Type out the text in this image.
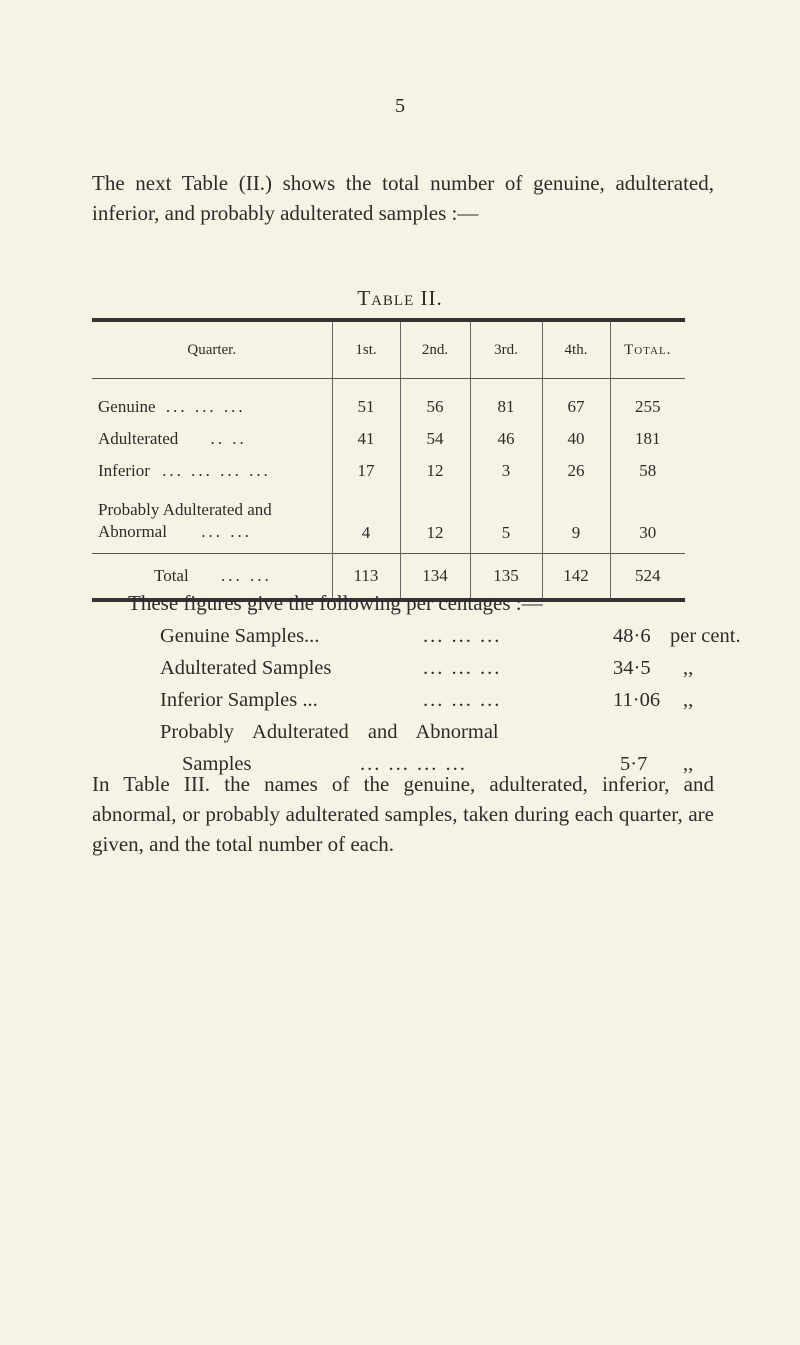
5

The next Table (II.) shows the total number of genuine, adulterated, inferior, and probably adulterated samples :—

Table II.
Quarter.	1st.	2nd.	3rd.	4th.	Total.
Genuine ... ... ...	51	56	81	67	255
Adulterated .. ..	41	54	46	40	181
Inferior ... ... ... ...	17	12	3	26	58
Probably Adulterated and
Abnormal ... ...	4	12	5	9	30
Total ... ...	113	134	135	142	524
These figures give the following per centages :—
Genuine Samples...	... ... ...	48·6 per cent.
Adulterated Samples	... ... ...	34·5 ,,
Inferior Samples ...	... ... ...	11·06 ,,
Probably Adulterated and Abnormal
Samples	... ... ... ...	5·7 ,,

In Table III. the names of the genuine, adulterated, inferior, and abnormal, or probably adulterated samples, taken during each quarter, are given, and the total number of each.
